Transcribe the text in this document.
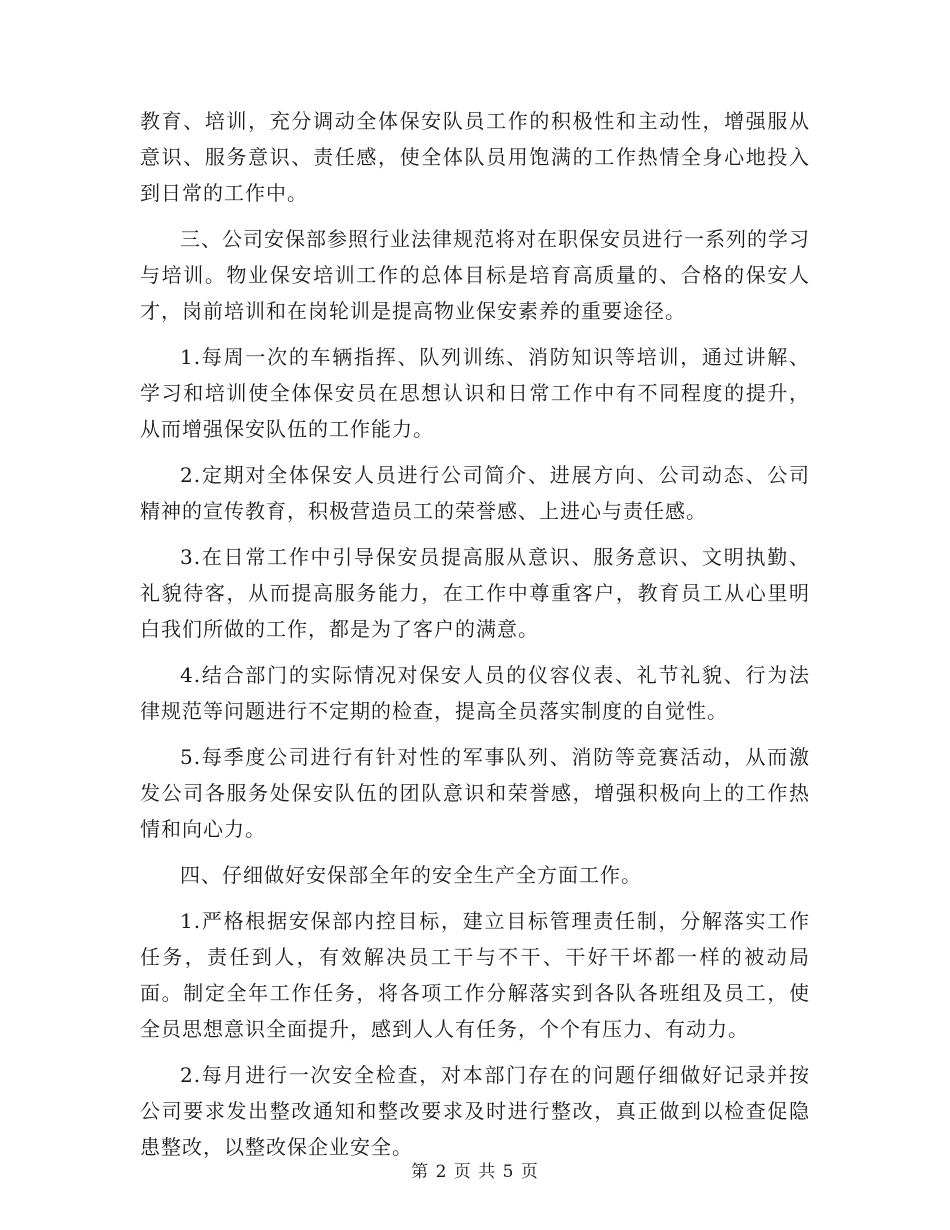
教育、培训，充分调动全体保安队员工作的积极性和主动性，增强服从意识、服务意识、责任感，使全体队员用饱满的工作热情全身心地投入到日常的工作中。

三、公司安保部参照行业法律规范将对在职保安员进行一系列的学习与培训。物业保安培训工作的总体目标是培育高质量的、合格的保安人才，岗前培训和在岗轮训是提高物业保安素养的重要途径。

1.每周一次的车辆指挥、队列训练、消防知识等培训，通过讲解、学习和培训使全体保安员在思想认识和日常工作中有不同程度的提升，从而增强保安队伍的工作能力。

2.定期对全体保安人员进行公司简介、进展方向、公司动态、公司精神的宣传教育，积极营造员工的荣誉感、上进心与责任感。

3.在日常工作中引导保安员提高服从意识、服务意识、文明执勤、礼貌待客，从而提高服务能力，在工作中尊重客户，教育员工从心里明白我们所做的工作，都是为了客户的满意。

4.结合部门的实际情况对保安人员的仪容仪表、礼节礼貌、行为法律规范等问题进行不定期的检查，提高全员落实制度的自觉性。

5.每季度公司进行有针对性的军事队列、消防等竞赛活动，从而激发公司各服务处保安队伍的团队意识和荣誉感，增强积极向上的工作热情和向心力。

四、仔细做好安保部全年的安全生产全方面工作。

1.严格根据安保部内控目标，建立目标管理责任制，分解落实工作任务，责任到人，有效解决员工干与不干、干好干坏都一样的被动局面。制定全年工作任务，将各项工作分解落实到各队各班组及员工，使全员思想意识全面提升，感到人人有任务，个个有压力、有动力。

2.每月进行一次安全检查，对本部门存在的问题仔细做好记录并按公司要求发出整改通知和整改要求及时进行整改，真正做到以检查促隐患整改，以整改保企业安全。

第 2 页 共 5 页
